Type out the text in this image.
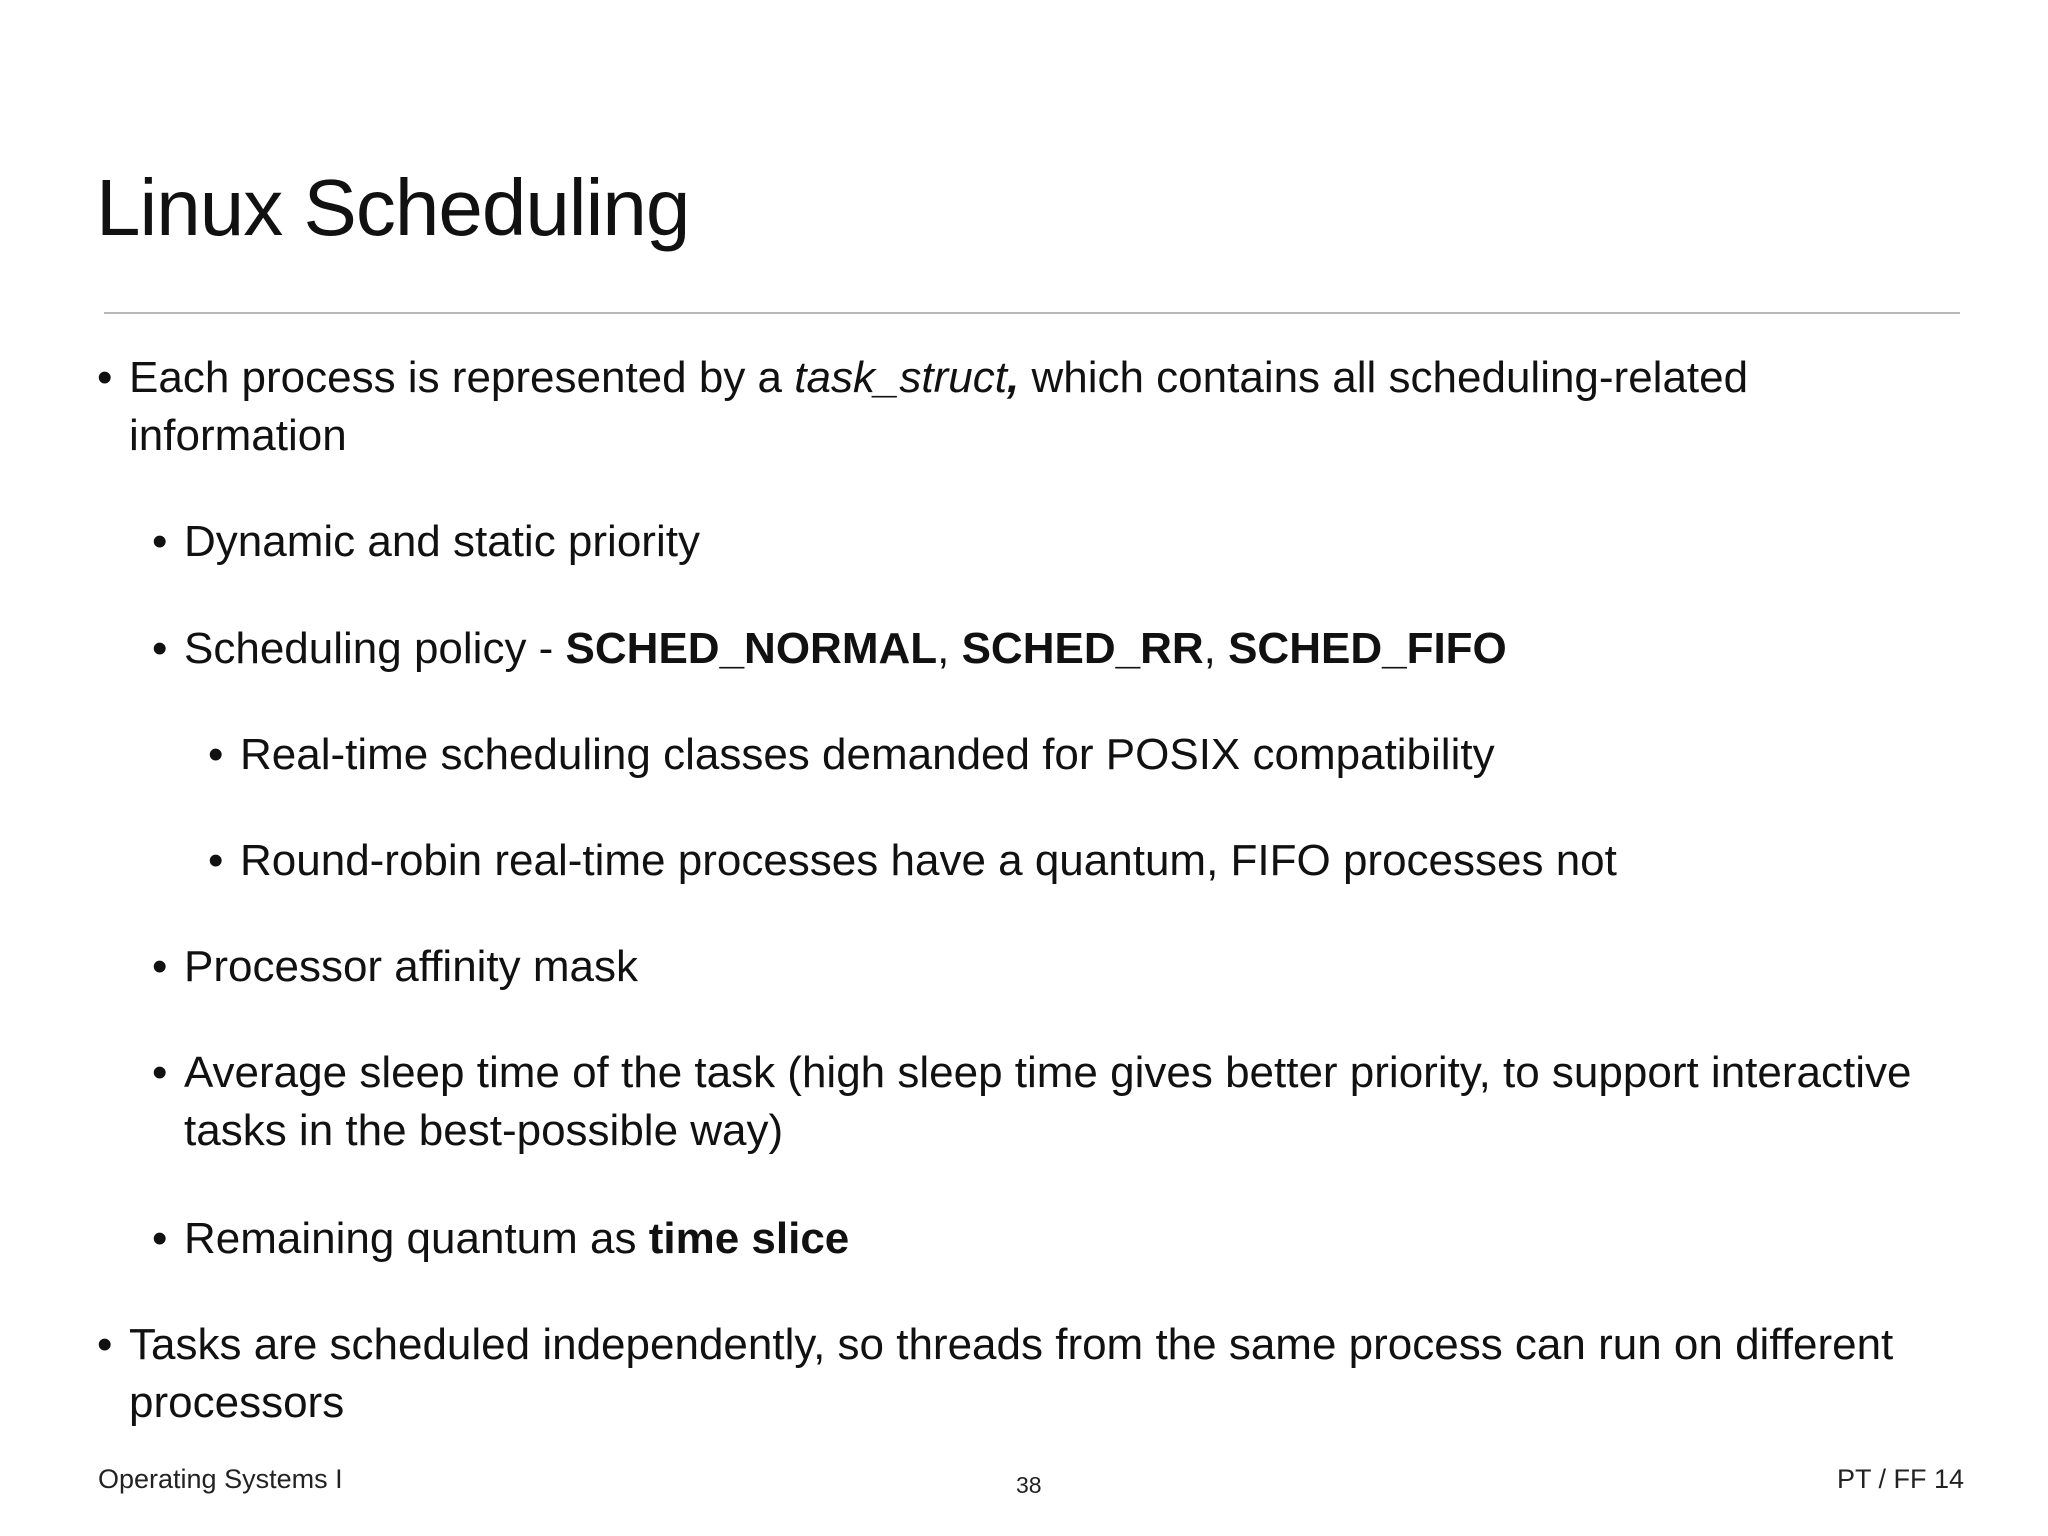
Linux Scheduling

• Each process is represented by a task_struct, which contains all scheduling-related information

• Dynamic and static priority

• Scheduling policy - SCHED_NORMAL, SCHED_RR, SCHED_FIFO

• Real-time scheduling classes demanded for POSIX compatibility

• Round-robin real-time processes have a quantum, FIFO processes not

• Processor affinity mask

• Average sleep time of the task (high sleep time gives better priority, to support interactive tasks in the best-possible way)

• Remaining quantum as time slice

• Tasks are scheduled independently, so threads from the same process can run on different processors

Operating Systems I	38	PT / FF 14
